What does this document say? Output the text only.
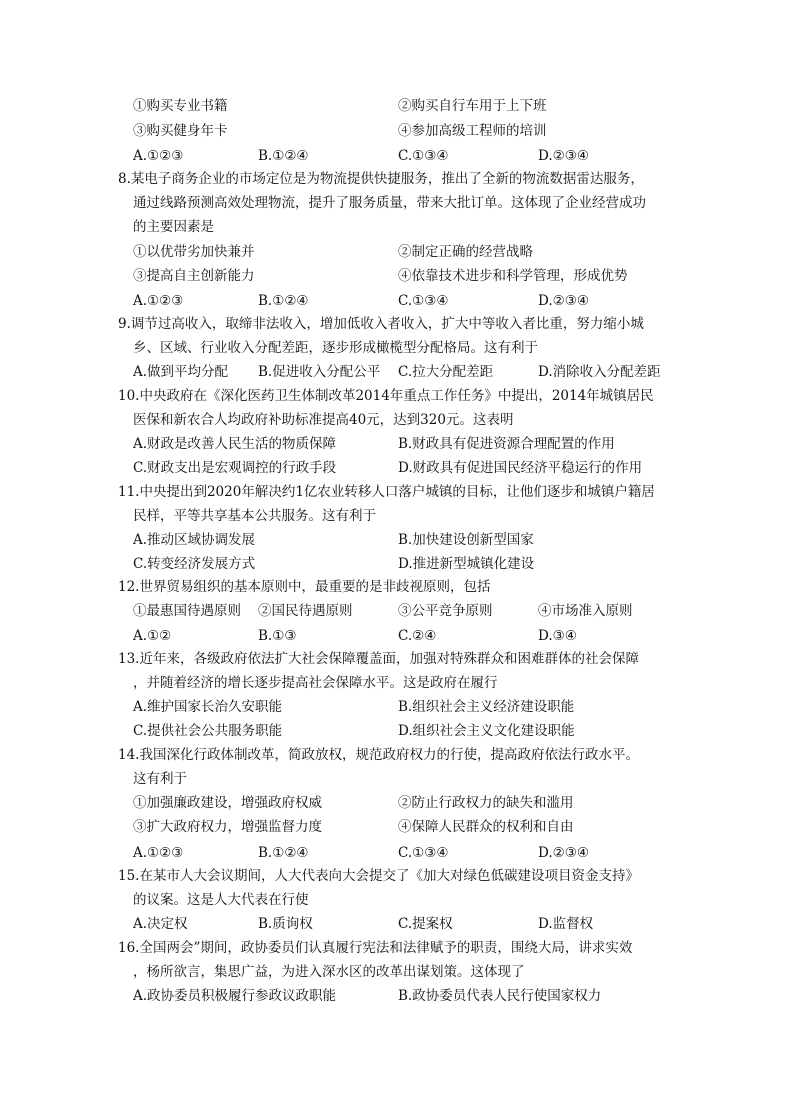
①购买专业书籍	②购买自行车用于上下班
③购买健身年卡	④参加高级工程师的培训
A.①②③	B.①②④	C.①③④	D.②③④
8.某电子商务企业的市场定位是为物流提供快捷服务，推出了全新的物流数据雷达服务，
通过线路预测高效处理物流，提升了服务质量，带来大批订单。这体现了企业经营成功
的主要因素是
①以优带劣加快兼并	②制定正确的经营战略
③提高自主创新能力	④依靠技术进步和科学管理，形成优势
A.①②③	B.①②④	C.①③④	D.②③④
9.调节过高收入，取缔非法收入，增加低收入者收入，扩大中等收入者比重，努力缩小城
乡、区域、行业收入分配差距，逐步形成橄榄型分配格局。这有利于
A.做到平均分配 B.促进收入分配公平 C.拉大分配差距	D.消除收入分配差距
10.中央政府在《深化医药卫生体制改革2014年重点工作任务》中提出，2014年城镇居民
医保和新农合人均政府补助标准提高40元，达到320元。这表明
A.财政是改善人民生活的物质保障	B.财政具有促进资源合理配置的作用
C.财政支出是宏观调控的行政手段	D.财政具有促进国民经济平稳运行的作用
11.中央提出到2020年解决约1亿农业转移人口落户城镇的目标，让他们逐步和城镇户籍居
民样，平等共享基本公共服务。这有利于
A.推动区域协调发展	B.加快建设创新型国家
C.转变经济发展方式	D.推进新型城镇化建设
12.世界贸易组织的基本原则中，最重要的是非歧视原则，包括
①最惠国待遇原则 ②国民待遇原则	③公平竞争原则	④市场准入原则
A.①②	B.①③	C.②④	D.③④
13.近年来，各级政府依法扩大社会保障覆盖面，加强对特殊群众和困难群体的社会保障
，并随着经济的增长逐步提高社会保障水平。这是政府在履行
A.维护国家长治久安职能	B.组织社会主义经济建设职能
C.提供社会公共服务职能	D.组织社会主义文化建设职能
14.我国深化行政体制改革，简政放权，规范政府权力的行使，提高政府依法行政水平。
这有利于
①加强廉政建设，增强政府权威	②防止行政权力的缺失和滥用
③扩大政府权力，增强监督力度	④保障人民群众的权利和自由
A.①②③	B.①②④	C.①③④	D.②③④
15.在某市人大会议期间，人大代表向大会提交了《加大对绿色低碳建设项目资金支持》
的议案。这是人大代表在行使
A.决定权	B.质询权	C.提案权	D.监督权
16.全国两会”期间，政协委员们认真履行宪法和法律赋予的职责，围绕大局，讲求实效
，杨所欲言，集思广益，为进入深水区的改革出谋划策。这体现了
A.政协委员积极履行参政议政职能	B.政协委员代表人民行使国家权力
